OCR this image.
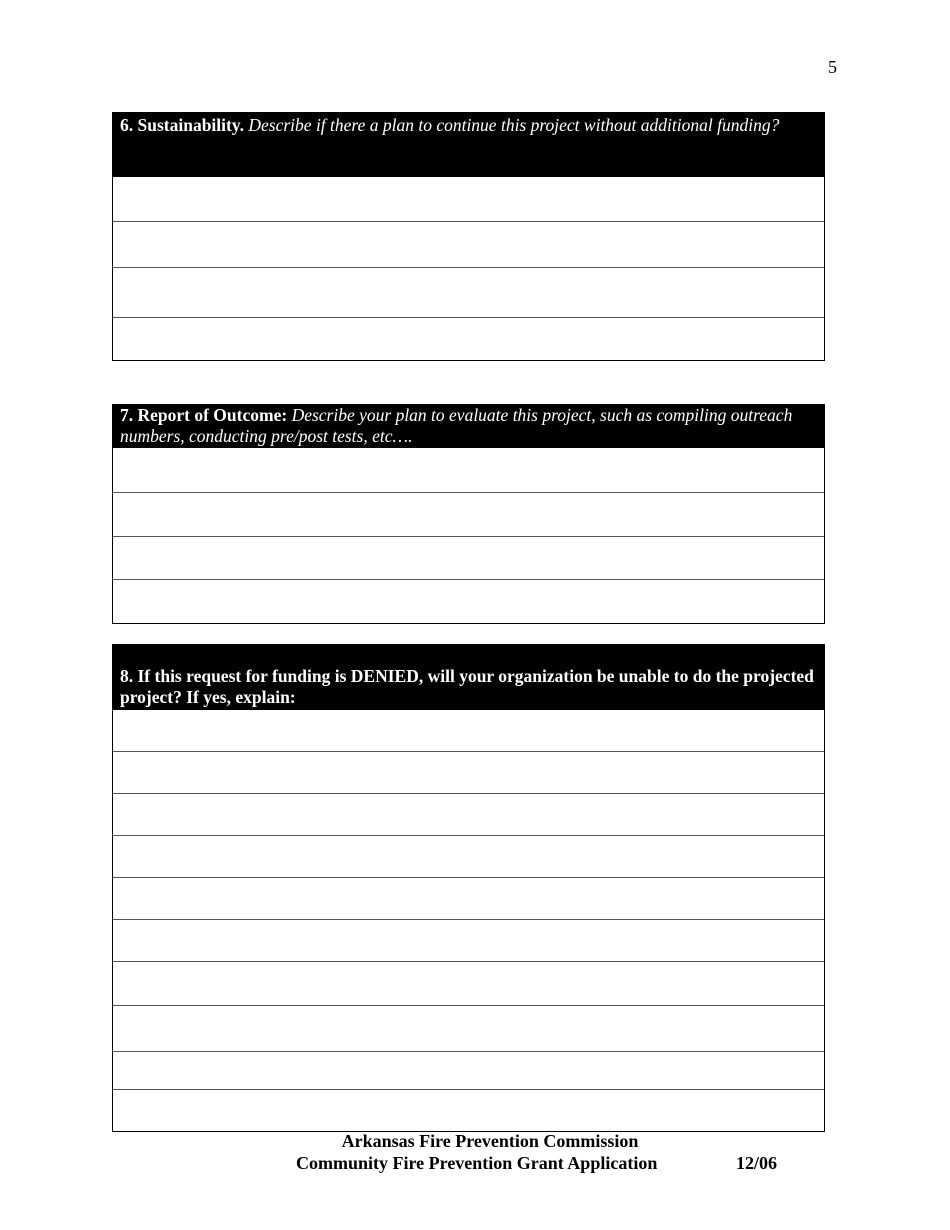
5
6. Sustainability. Describe if there a plan to continue this project without additional funding?
7. Report of Outcome: Describe your plan to evaluate this project, such as compiling outreach numbers, conducting pre/post tests, etc….
8. If this request for funding is DENIED, will your organization be unable to do the projected project? If yes, explain:
Arkansas Fire Prevention Commission
Community Fire Prevention Grant Application	12/06
